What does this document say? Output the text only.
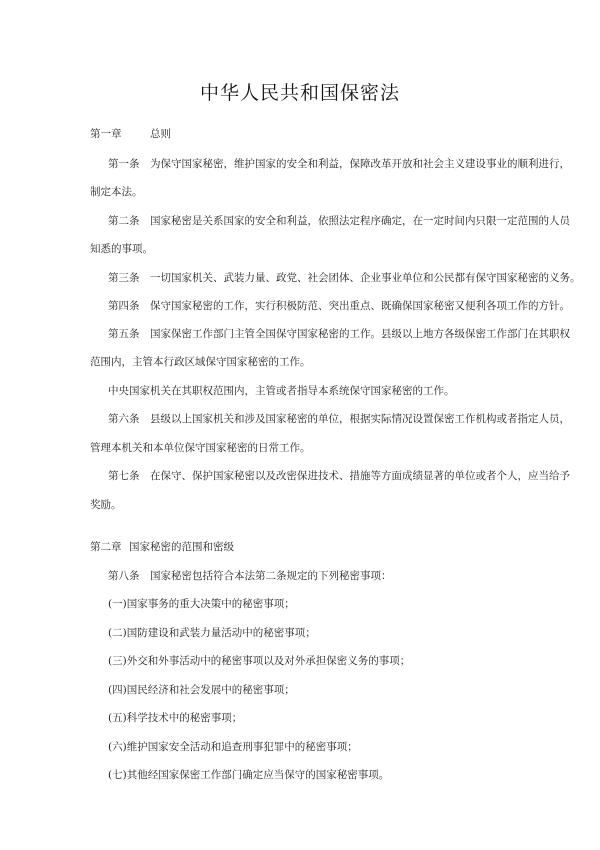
中华人民共和国保密法
第一章	总则
第一条　为保守国家秘密，维护国家的安全和利益，保障改革开放和社会主义建设事业的顺利进行，
制定本法。
第二条　国家秘密是关系国家的安全和利益，依照法定程序确定，在一定时间内只限一定范围的人员
知悉的事项。
第三条　一切国家机关、武装力量、政党、社会团体、企业事业单位和公民都有保守国家秘密的义务。
第四条　保守国家秘密的工作，实行积极防范、突出重点、既确保国家秘密又便利各项工作的方针。
第五条　国家保密工作部门主管全国保守国家秘密的工作。县级以上地方各级保密工作部门在其职权
范围内，主管本行政区域保守国家秘密的工作。
中央国家机关在其职权范围内，主管或者指导本系统保守国家秘密的工作。
第六条　县级以上国家机关和涉及国家秘密的单位，根据实际情况设置保密工作机构或者指定人员，
管理本机关和本单位保守国家秘密的日常工作。
第七条　在保守、保护国家秘密以及改密保进技术、措施等方面成绩显著的单位或者个人，应当给予
奖励。
第二章 国家秘密的范围和密级
第八条　国家秘密包括符合本法第二条规定的下列秘密事项：
(一)国家事务的重大决策中的秘密事项；
(二)国防建设和武装力量活动中的秘密事项；
(三)外交和外事活动中的秘密事项以及对外承担保密义务的事项；
(四)国民经济和社会发展中的秘密事项；
(五)科学技术中的秘密事项；
(六)维护国家安全活动和追查刑事犯罪中的秘密事项；
(七)其他经国家保密工作部门确定应当保守的国家秘密事项。
